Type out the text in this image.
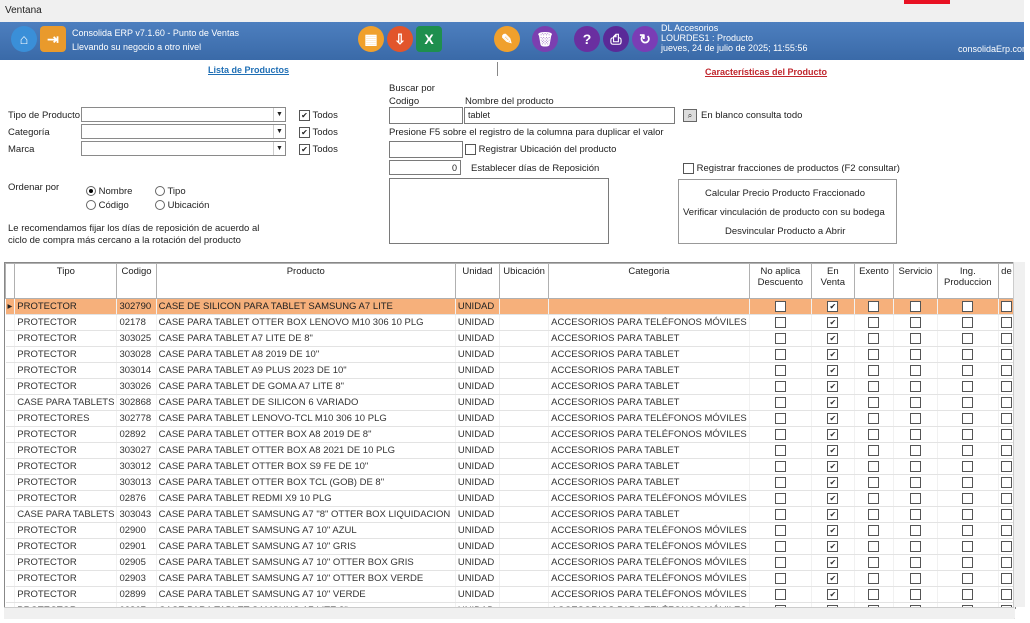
Ventana
⌂	⇥	Consolida ERP v7.1.60 - Punto de Ventas
Llevando su negocio a otro nivel
▦	⇩	X	✎	🗑	?	⎙	↻
DL Accesorios
LOURDES1 : Producto
jueves, 24 de julio de 2025; 11:55:56	consolidaErp.com
Lista de Productos	Características del Producto
Tipo de Producto	▼ ✔ Todos
Categoría	▼ ✔ Todos
Marca	▼ ✔ Todos
Ordenar por	Nombre	Tipo
Código	Ubicación
Le recomendamos fijar los días de reposición de acuerdo al
ciclo de compra más cercano a la rotación del producto
Buscar por
Codigo	Nombre del producto
tablet	⌕ En blanco consulta todo
Presione F5 sobre el registro de la columna para duplicar el valor
Registrar Ubicación del producto
0	Establecer días de Reposición	Registrar fracciones de productos (F2 consultar)
Calcular Precio Producto Fraccionado
Verificar vinculación de producto con su bodega
Desvincular Producto a Abrir
	Tipo	Codigo	Producto	Unidad	Ubicación	Categoria	No aplica Descuento	En Venta	Exento	Servicio	Ing. Produccion	de
▸	PROTECTOR	302790	CASE DE SILICON PARA TABLET SAMSUNG A7 LITE	UNIDAD				✔				
	PROTECTOR	02178	CASE PARA TABLET OTTER BOX LENOVO M10 306 10 PLG	UNIDAD		ACCESORIOS PARA TELÉFONOS MÓVILES		✔				
	PROTECTOR	303025	CASE PARA TABLET A7 LITE DE 8"	UNIDAD		ACCESORIOS PARA TABLET		✔				
	PROTECTOR	303028	CASE PARA TABLET A8 2019 DE 10"	UNIDAD		ACCESORIOS PARA TABLET		✔				
	PROTECTOR	303014	CASE PARA TABLET A9 PLUS 2023 DE 10"	UNIDAD		ACCESORIOS PARA TABLET		✔				
	PROTECTOR	303026	CASE PARA TABLET DE GOMA A7 LITE 8"	UNIDAD		ACCESORIOS PARA TABLET		✔				
	CASE PARA TABLETS	302868	CASE PARA TABLET DE SILICON 6 VARIADO	UNIDAD		ACCESORIOS PARA TABLET		✔				
	PROTECTORES	302778	CASE PARA TABLET LENOVO-TCL M10 306 10 PLG	UNIDAD		ACCESORIOS PARA TELÉFONOS MÓVILES		✔				
	PROTECTOR	02892	CASE PARA TABLET OTTER BOX A8 2019 DE 8"	UNIDAD		ACCESORIOS PARA TELÉFONOS MÓVILES		✔				
	PROTECTOR	303027	CASE PARA TABLET OTTER BOX A8 2021 DE 10 PLG	UNIDAD		ACCESORIOS PARA TABLET		✔				
	PROTECTOR	303012	CASE PARA TABLET OTTER BOX S9 FE DE 10"	UNIDAD		ACCESORIOS PARA TABLET		✔				
	PROTECTOR	303013	CASE PARA TABLET OTTER BOX TCL (GOB) DE 8"	UNIDAD		ACCESORIOS PARA TABLET		✔				
	PROTECTOR	02876	CASE PARA TABLET REDMI X9 10 PLG	UNIDAD		ACCESORIOS PARA TELÉFONOS MÓVILES		✔				
	CASE PARA TABLETS	303043	CASE PARA TABLET SAMSUNG A7 "8" OTTER BOX LIQUIDACION	UNIDAD		ACCESORIOS PARA TABLET		✔				
	PROTECTOR	02900	CASE PARA TABLET SAMSUNG A7 10" AZUL	UNIDAD		ACCESORIOS PARA TELÉFONOS MÓVILES		✔				
	PROTECTOR	02901	CASE PARA TABLET SAMSUNG A7 10" GRIS	UNIDAD		ACCESORIOS PARA TELÉFONOS MÓVILES		✔				
	PROTECTOR	02905	CASE PARA TABLET SAMSUNG A7 10" OTTER BOX GRIS	UNIDAD		ACCESORIOS PARA TELÉFONOS MÓVILES		✔				
	PROTECTOR	02903	CASE PARA TABLET SAMSUNG A7 10" OTTER BOX VERDE	UNIDAD		ACCESORIOS PARA TELÉFONOS MÓVILES		✔				
	PROTECTOR	02899	CASE PARA TABLET SAMSUNG A7 10" VERDE	UNIDAD		ACCESORIOS PARA TELÉFONOS MÓVILES		✔				
